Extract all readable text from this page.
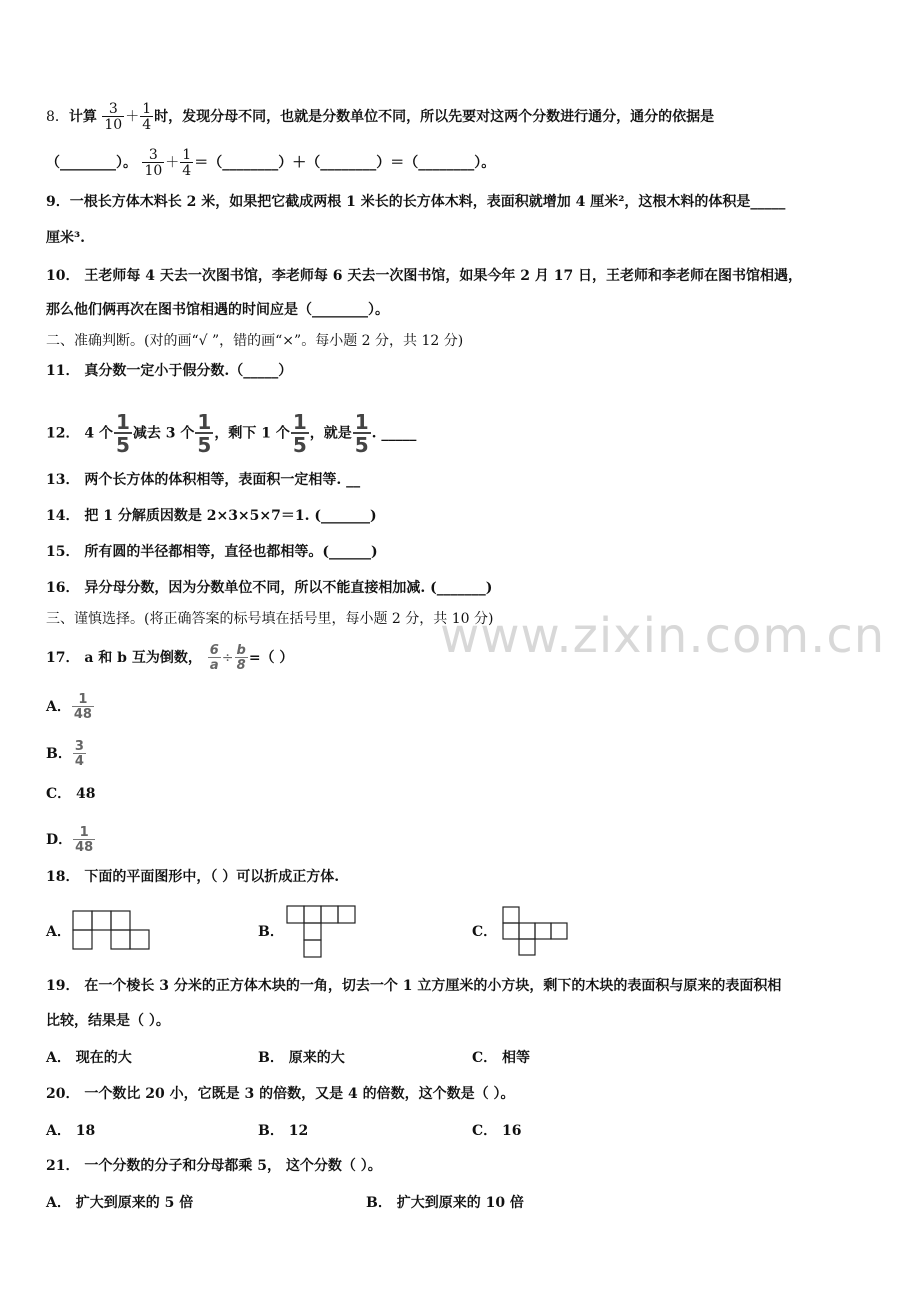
www.zixin.com.cn
8．计算 $\frac{3}{10} + \frac{1}{4}$ 时，发现分母不同，也就是分数单位不同，所以先要对这两个分数进行通分，通分的依据是
（________）。 $\frac{3}{10} + \frac{1}{4}$ ＝（________）＋（________）＝（________）。
9．一根长方体木料长 2 米，如果把它截成两根 1 米长的长方体木料，表面积就增加 4 厘米²，这根木料的体积是_____
厘米³.
10． 王老师每 4 天去一次图书馆，李老师每 6 天去一次图书馆，如果今年 2 月 17 日，王老师和李老师在图书馆相遇，
那么他们俩再次在图书馆相遇的时间应是（________）。
二、准确判断。(对的画“√ ”，错的画“×”。每小题 2 分，共 12 分)
11． 真分数一定小于假分数.（_____）
12． 4 个 $\frac{1}{5}$ 减去 3 个 $\frac{1}{5}$ ，剩下 1 个 $\frac{1}{5}$ ，就是 $\frac{1}{5}$ . _____
13． 两个长方体的体积相等，表面积一定相等. __
14． 把 1 分解质因数是 2×3×5×7＝1. (_______)
15． 所有圆的半径都相等，直径也都相等。(______)
16． 异分母分数，因为分数单位不同，所以不能直接相加减. (_______)
三、谨慎选择。(将正确答案的标号填在括号里，每小题 2 分，共 10 分)
17． a 和 b 互为倒数， $\frac{6}{a} \div \frac{b}{8}$ =（ ）
A． $\frac{1}{48}$
B． $\frac{3}{4}$
C． 48
D． $\frac{1}{48}$
18． 下面的平面图形中，（ ）可以折成正方体.
A．	B．	C．
19． 在一个棱长 3 分米的正方体木块的一角，切去一个 1 立方厘米的小方块，剩下的木块的表面积与原来的表面积相
比较，结果是（ ）。
A． 现在的大	B． 原来的大	C． 相等
20． 一个数比 20 小，它既是 3 的倍数，又是 4 的倍数，这个数是（ ）。
A． 18	B． 12	C． 16
21． 一个分数的分子和分母都乘 5， 这个分数（ ）。
A． 扩大到原来的 5 倍	B． 扩大到原来的 10 倍
